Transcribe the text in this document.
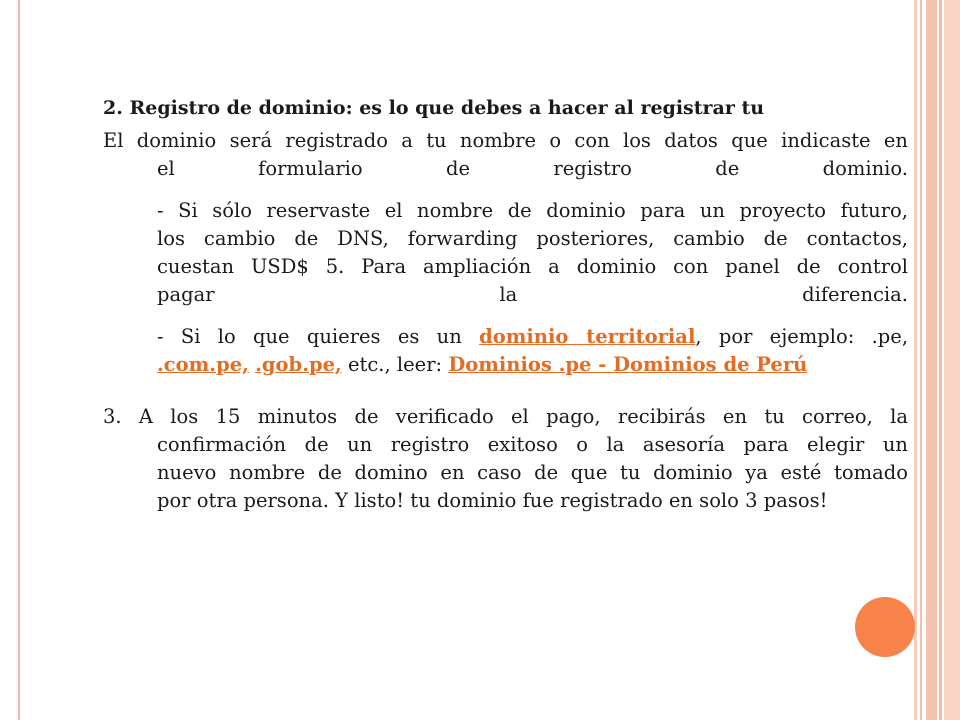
2. Registro de dominio: es lo que debes a hacer al registrar tu

El dominio será registrado a tu nombre o con los datos que indicaste en
el formulario de registro de dominio.
- Si sólo reservaste el nombre de dominio para un proyecto futuro,
los cambio de DNS, forwarding posteriores, cambio de contactos,
cuestan USD$ 5. Para ampliación a dominio con panel de control
pagar la diferencia.
- Si lo que quieres es un dominio territorial, por ejemplo: .pe,
.com.pe, .gob.pe, etc., leer: Dominios .pe - Dominios de Perú
3. A los 15 minutos de verificado el pago, recibirás en tu correo, la
confirmación de un registro exitoso o la asesoría para elegir un
nuevo nombre de domino en caso de que tu dominio ya esté tomado
por otra persona. Y listo! tu dominio fue registrado en solo 3 pasos!
